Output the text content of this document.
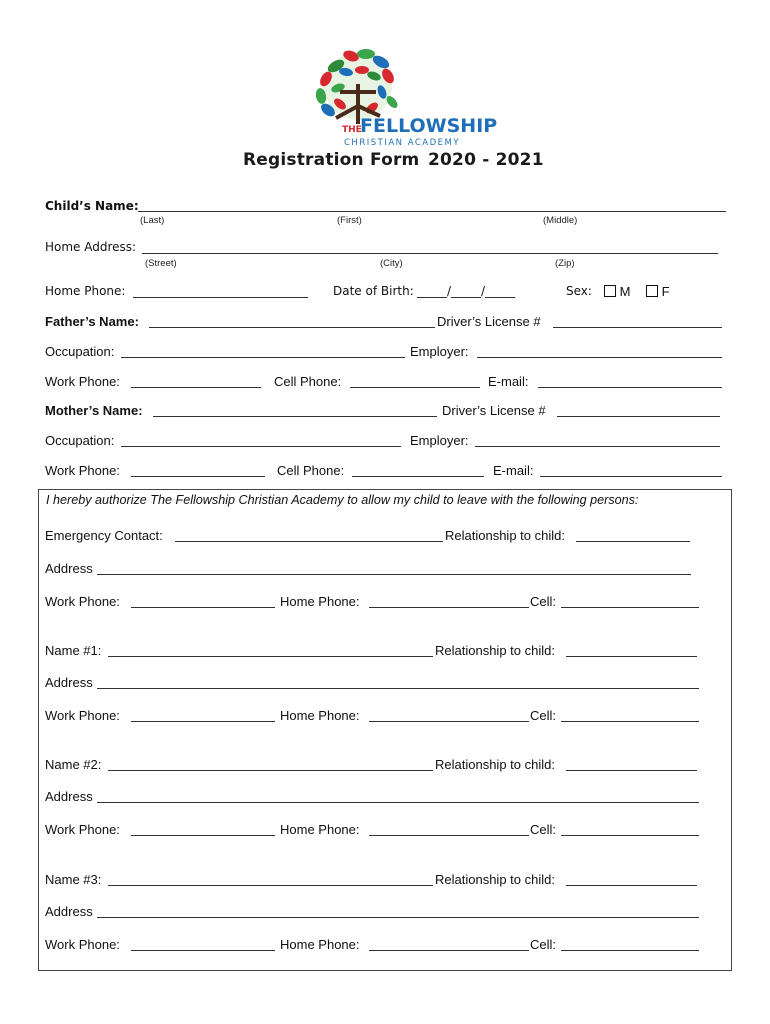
THE
FELLOWSHIP
CHRISTIAN ACADEMY
Registration Form 2020 - 2021
Child’s Name:
(Last)	(First)	(Middle)
Home Address:
(Street)	(City)	(Zip)
Home Phone:	Date of Birth: _____/_____/_____	Sex:	M	F
Father’s Name:	Driver’s License #
Occupation:	Employer:
Work Phone:	Cell Phone:	E-mail:
Mother’s Name:	Driver’s License #
Occupation:	Employer:
Work Phone:	Cell Phone:	E-mail:
I hereby authorize The Fellowship Christian Academy to allow my child to leave with the following persons:
Emergency Contact:	Relationship to child:
Address
Work Phone:	Home Phone:	Cell:
Name #1:	Relationship to child:
Address
Work Phone:	Home Phone:	Cell:
Name #2:	Relationship to child:
Address
Work Phone:	Home Phone:	Cell:
Name #3:	Relationship to child:
Address
Work Phone:	Home Phone:	Cell:
